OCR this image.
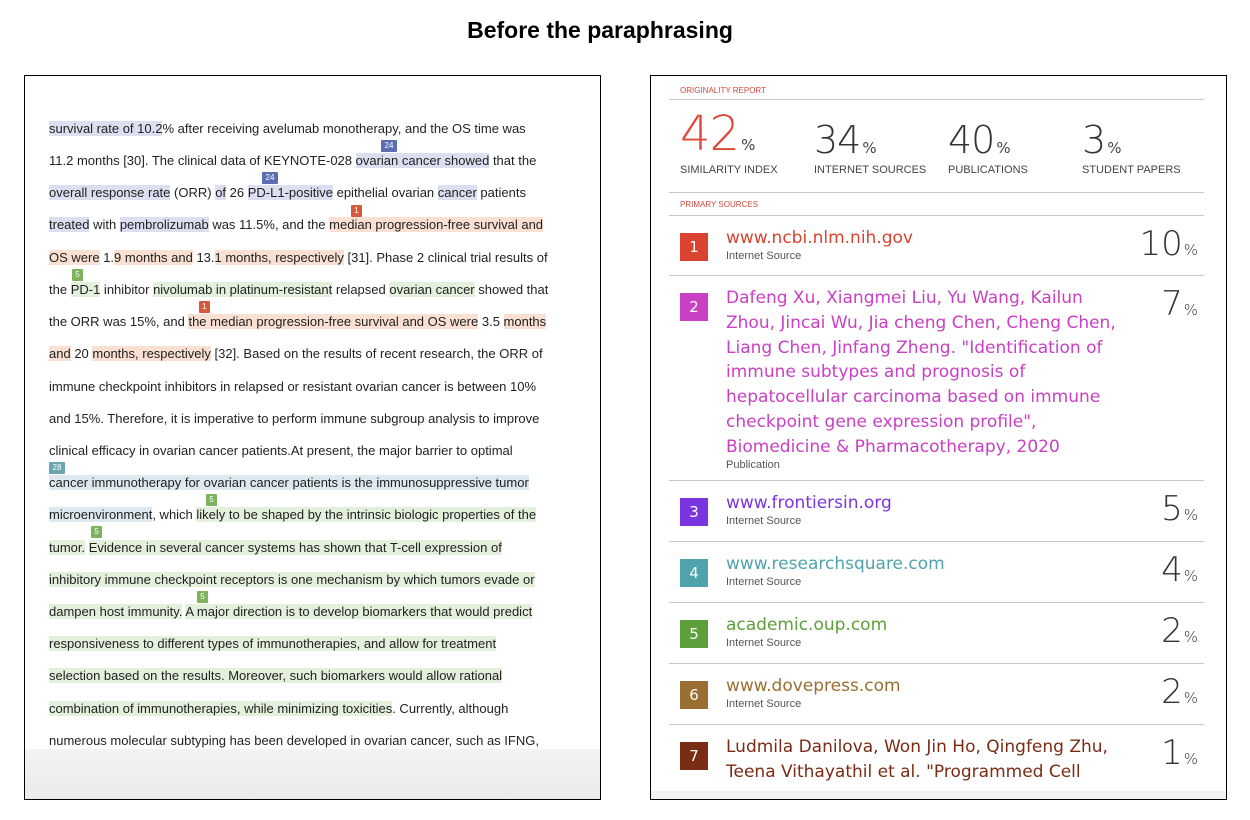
Before the paraphrasing
survival rate of 10.2% after receiving avelumab monotherapy, and the OS time was
11.2 months [30]. The clinical data of KEYNOTE-028 ovarian cancer showed that the
overall response rate (ORR) of 26 PD-L1-positive epithelial ovarian cancer patients
treated with pembrolizumab was 11.5%, and the median progression-free survival and
OS were 1.9 months and 13.1 months, respectively [31]. Phase 2 clinical trial results of
the PD-1 inhibitor nivolumab in platinum-resistant relapsed ovarian cancer showed that
the ORR was 15%, and the median progression-free survival and OS were 3.5 months
and 20 months, respectively [32]. Based on the results of recent research, the ORR of
immune checkpoint inhibitors in relapsed or resistant ovarian cancer is between 10%
and 15%. Therefore, it is imperative to perform immune subgroup analysis to improve
clinical efficacy in ovarian cancer patients.At present, the major barrier to optimal
cancer immunotherapy for ovarian cancer patients is the immunosuppressive tumor
microenvironment, which likely to be shaped by the intrinsic biologic properties of the
tumor. Evidence in several cancer systems has shown that T-cell expression of
inhibitory immune checkpoint receptors is one mechanism by which tumors evade or
dampen host immunity. A major direction is to develop biomarkers that would predict
responsiveness to different types of immunotherapies, and allow for treatment
selection based on the results. Moreover, such biomarkers would allow rational
combination of immunotherapies, while minimizing toxicities. Currently, although
numerous molecular subtyping has been developed in ovarian cancer, such as IFNG,
24
24
1
5
1
28
5
5
5
ORIGINALITY REPORT
42 %
SIMILARITY INDEX
34 %
INTERNET SOURCES
40 %
PUBLICATIONS
3 %
STUDENT PAPERS
PRIMARY SOURCES
1	www.ncbi.nlm.nih.gov
Internet Source	10%
2	Dafeng Xu, Xiangmei Liu, Yu Wang, Kailun Zhou, Jincai Wu, Jia cheng Chen, Cheng Chen, Liang Chen, Jinfang Zheng. "Identification of immune subtypes and prognosis of hepatocellular carcinoma based on immune checkpoint gene expression profile", Biomedicine & Pharmacotherapy, 2020
Publication
7%
3	www.frontiersin.org
Internet Source	5%
4	www.researchsquare.com
Internet Source	4%
5	academic.oup.com
Internet Source	2%
6	www.dovepress.com
Internet Source	2%
7	Ludmila Danilova, Won Jin Ho, Qingfeng Zhu, Teena Vithayathil et al. "Programmed Cell	1%
